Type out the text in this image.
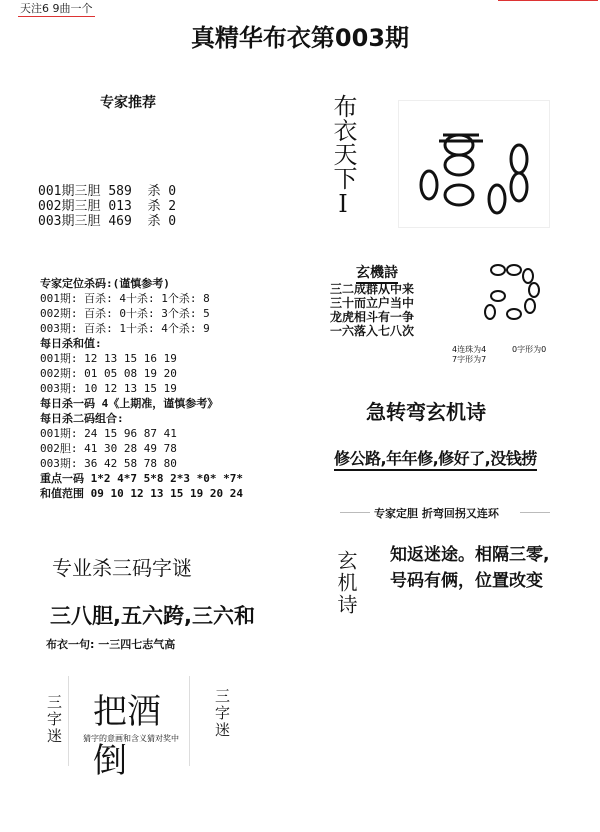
天注6 9曲一个
真精华布衣第003期
专家推荐
001期三胆 589 杀 0
002期三胆 013 杀 2
003期三胆 469 杀 0
专家定位杀码:(谨慎参考)
001期: 百杀: 4十杀: 1个杀: 8
002期: 百杀: 0十杀: 3个杀: 5
003期: 百杀: 1十杀: 4个杀: 9
每日杀和值:
001期: 12 13 15 16 19
002期: 01 05 08 19 20
003期: 10 12 13 15 19
每日杀一码 4《上期准，谨慎参考》
每日杀二码组合:
001期: 24 15 96 87 41
002胆: 41 30 28 49 78
003期: 36 42 58 78 80
重点一码 1*2 4*7 5*8 2*3 *0* *7*
和值范围 09 10 12 13 15 19 20 24
专业杀三码字谜
三八胆,五六跨,三六和
布衣一句: 一三四七志气高
三字迷 把酒倒
猜字的意画和含义猜对奖中 三字迷
布衣天下I
玄機詩
三二成群从中来
三十而立户当中
龙虎相斗有一争
一六落入七八次
4连珠为4	0字形为0
7字形为7
急转弯玄机诗
修公路,年年修,修好了,没钱捞
专家定胆 折弯回拐又连环
玄机诗 知返迷途。相隔三零,
号码有俩，位置改变
